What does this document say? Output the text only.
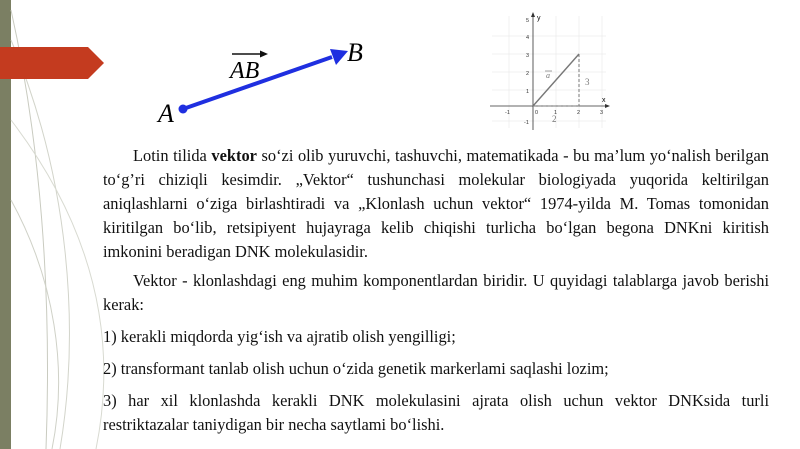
A
B
AB
y
x
5
4
3
2
1
-1
-1	0	1	2	3
a
3
2

Lotin tilida vektor so‘zi olib yuruvchi, tashuvchi, matematikada - bu ma’lum yo‘nalish berilgan to‘g’ri chiziqli kesimdir. „Vektor“ tushunchasi molekular biologiyada yuqorida keltirilgan aniqlashlarni o‘ziga birlashtiradi va „Klonlash uchun vektor“ 1974-yilda M. Tomas tomonidan kiritilgan bo‘lib, retsipiyent hujayraga kelib chiqishi turlicha bo‘lgan begona DNKni kiritish imkonini beradigan DNK molekulasidir.

Vektor - klonlashdagi eng muhim komponentlardan biridir. U quyidagi talablarga javob berishi kerak:

1) kerakli miqdorda yig‘ish va ajratib olish yengilligi;

2) transformant tanlab olish uchun o‘zida genetik markerlami saqlashi lozim;

3) har xil klonlashda kerakli DNK molekulasini ajrata olish uchun vektor DNKsida turli restriktazalar taniydigan bir necha saytlami bo‘lishi.
